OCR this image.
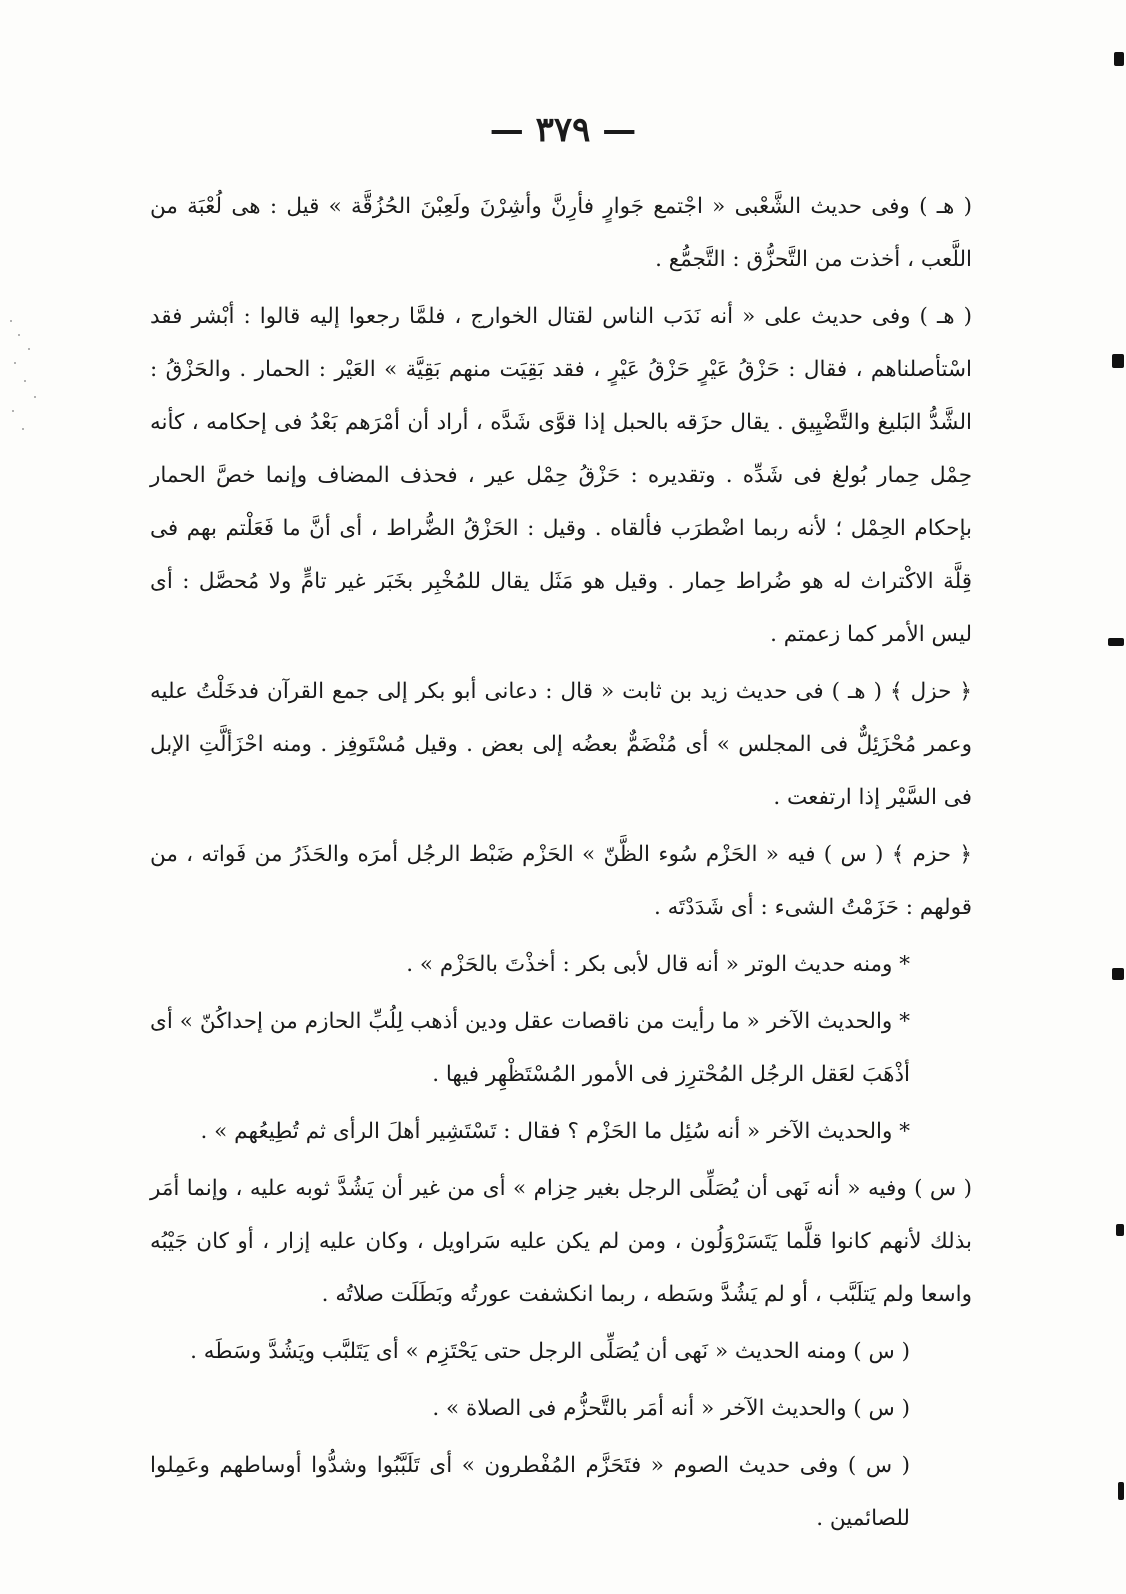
— ٣٧٩ —

( هـ ) وفى حديث الشَّعْبى « اجْتمع جَوارٍ فأرِنَّ وأشِرْنَ ولَعِبْنَ الحُزُقَّة » قيل : هى لُعْبَة من اللَّعب ، أخذت من التَّحزُّق : التَّجمُّع .

( هـ ) وفى حديث على « أنه نَدَب الناس لقتال الخوارج ، فلمَّا رجعوا إليه قالوا : أبْشر فقد اسْتأصلناهم ، فقال : حَزْقُ عَيْرٍ حَزْقُ عَيْرٍ ، فقد بَقِيَت منهم بَقِيَّة » العَيْر : الحمار . والحَزْقُ : الشَّدُّ البَليغ والتَّضْيِيق . يقال حزَقه بالحبل إذا قوَّى شَدَّه ، أراد أن أمْرَهم بَعْدُ فى إحكامه ، كأنه حِمْل حِمار بُولغ فى شَدِّه . وتقديره : حَزْقُ حِمْل عير ، فحذف المضاف وإنما خصَّ الحمار بإحكام الحِمْل ؛ لأنه ربما اضْطرَب فألقاه . وقيل : الحَزْقُ الضُّراط ، أى أنَّ ما فَعَلْتم بهم فى قِلَّة الاكْتراث له هو ضُراط حِمار . وقيل هو مَثَل يقال للمُخْبِر بخَبَر غير تامٍّ ولا مُحصَّل : أى ليس الأمر كما زعمتم .

﴿ حزل ﴾ ( هـ ) فى حديث زيد بن ثابت « قال : دعانى أبو بكر إلى جمع القرآن فدخَلْتُ عليه وعمر مُحْزَئِلٌّ فى المجلس » أى مُنْضَمٌّ بعضُه إلى بعض . وقيل مُسْتَوفِز . ومنه احْزَألَّتِ الإبل فى السَّيْر إذا ارتفعت .

﴿ حزم ﴾ ( س ) فيه « الحَزْم سُوء الظَّنّ » الحَزْم ضَبْط الرجُل أمرَه والحَذَرُ من فَواته ، من قولهم : حَزَمْتُ الشىء : أى شَدَدْتَه .

* ومنه حديث الوتر « أنه قال لأبى بكر : أخذْتَ بالحَزْم » .

* والحديث الآخر « ما رأيت من ناقصات عقل ودين أذهب لِلُبِّ الحازم من إحداكُنّ » أى أذْهَبَ لعَقل الرجُل المُحْترِز فى الأمور المُسْتَظْهِر فيها .

* والحديث الآخر « أنه سُئِل ما الحَزْم ؟ فقال : تَسْتَشِير أهلَ الرأى ثم تُطِيعُهم » .

( س ) وفيه « أنه نَهى أن يُصَلِّى الرجل بغير حِزام » أى من غير أن يَشُدَّ ثوبه عليه ، وإنما أمَر بذلك لأنهم كانوا قلَّما يَتَسَرْوَلُون ، ومن لم يكن عليه سَراويل ، وكان عليه إزار ، أو كان جَيْبُه واسعا ولم يَتلَبَّب ، أو لم يَشُدَّ وسَطه ، ربما انكشفت عورتُه وبَطَلَت صلاتُه .

( س ) ومنه الحديث « نَهى أن يُصَلِّى الرجل حتى يَحْتَزِم » أى يَتَلبَّب ويَشُدَّ وسَطَه .

( س ) والحديث الآخر « أنه أمَر بالتَّحزُّم فى الصلاة » .

( س ) وفى حديث الصوم « فتَحَزَّم المُفْطرون » أى تَلَبَّبُوا وشدُّوا أوساطهم وعَمِلوا للصائمين .
